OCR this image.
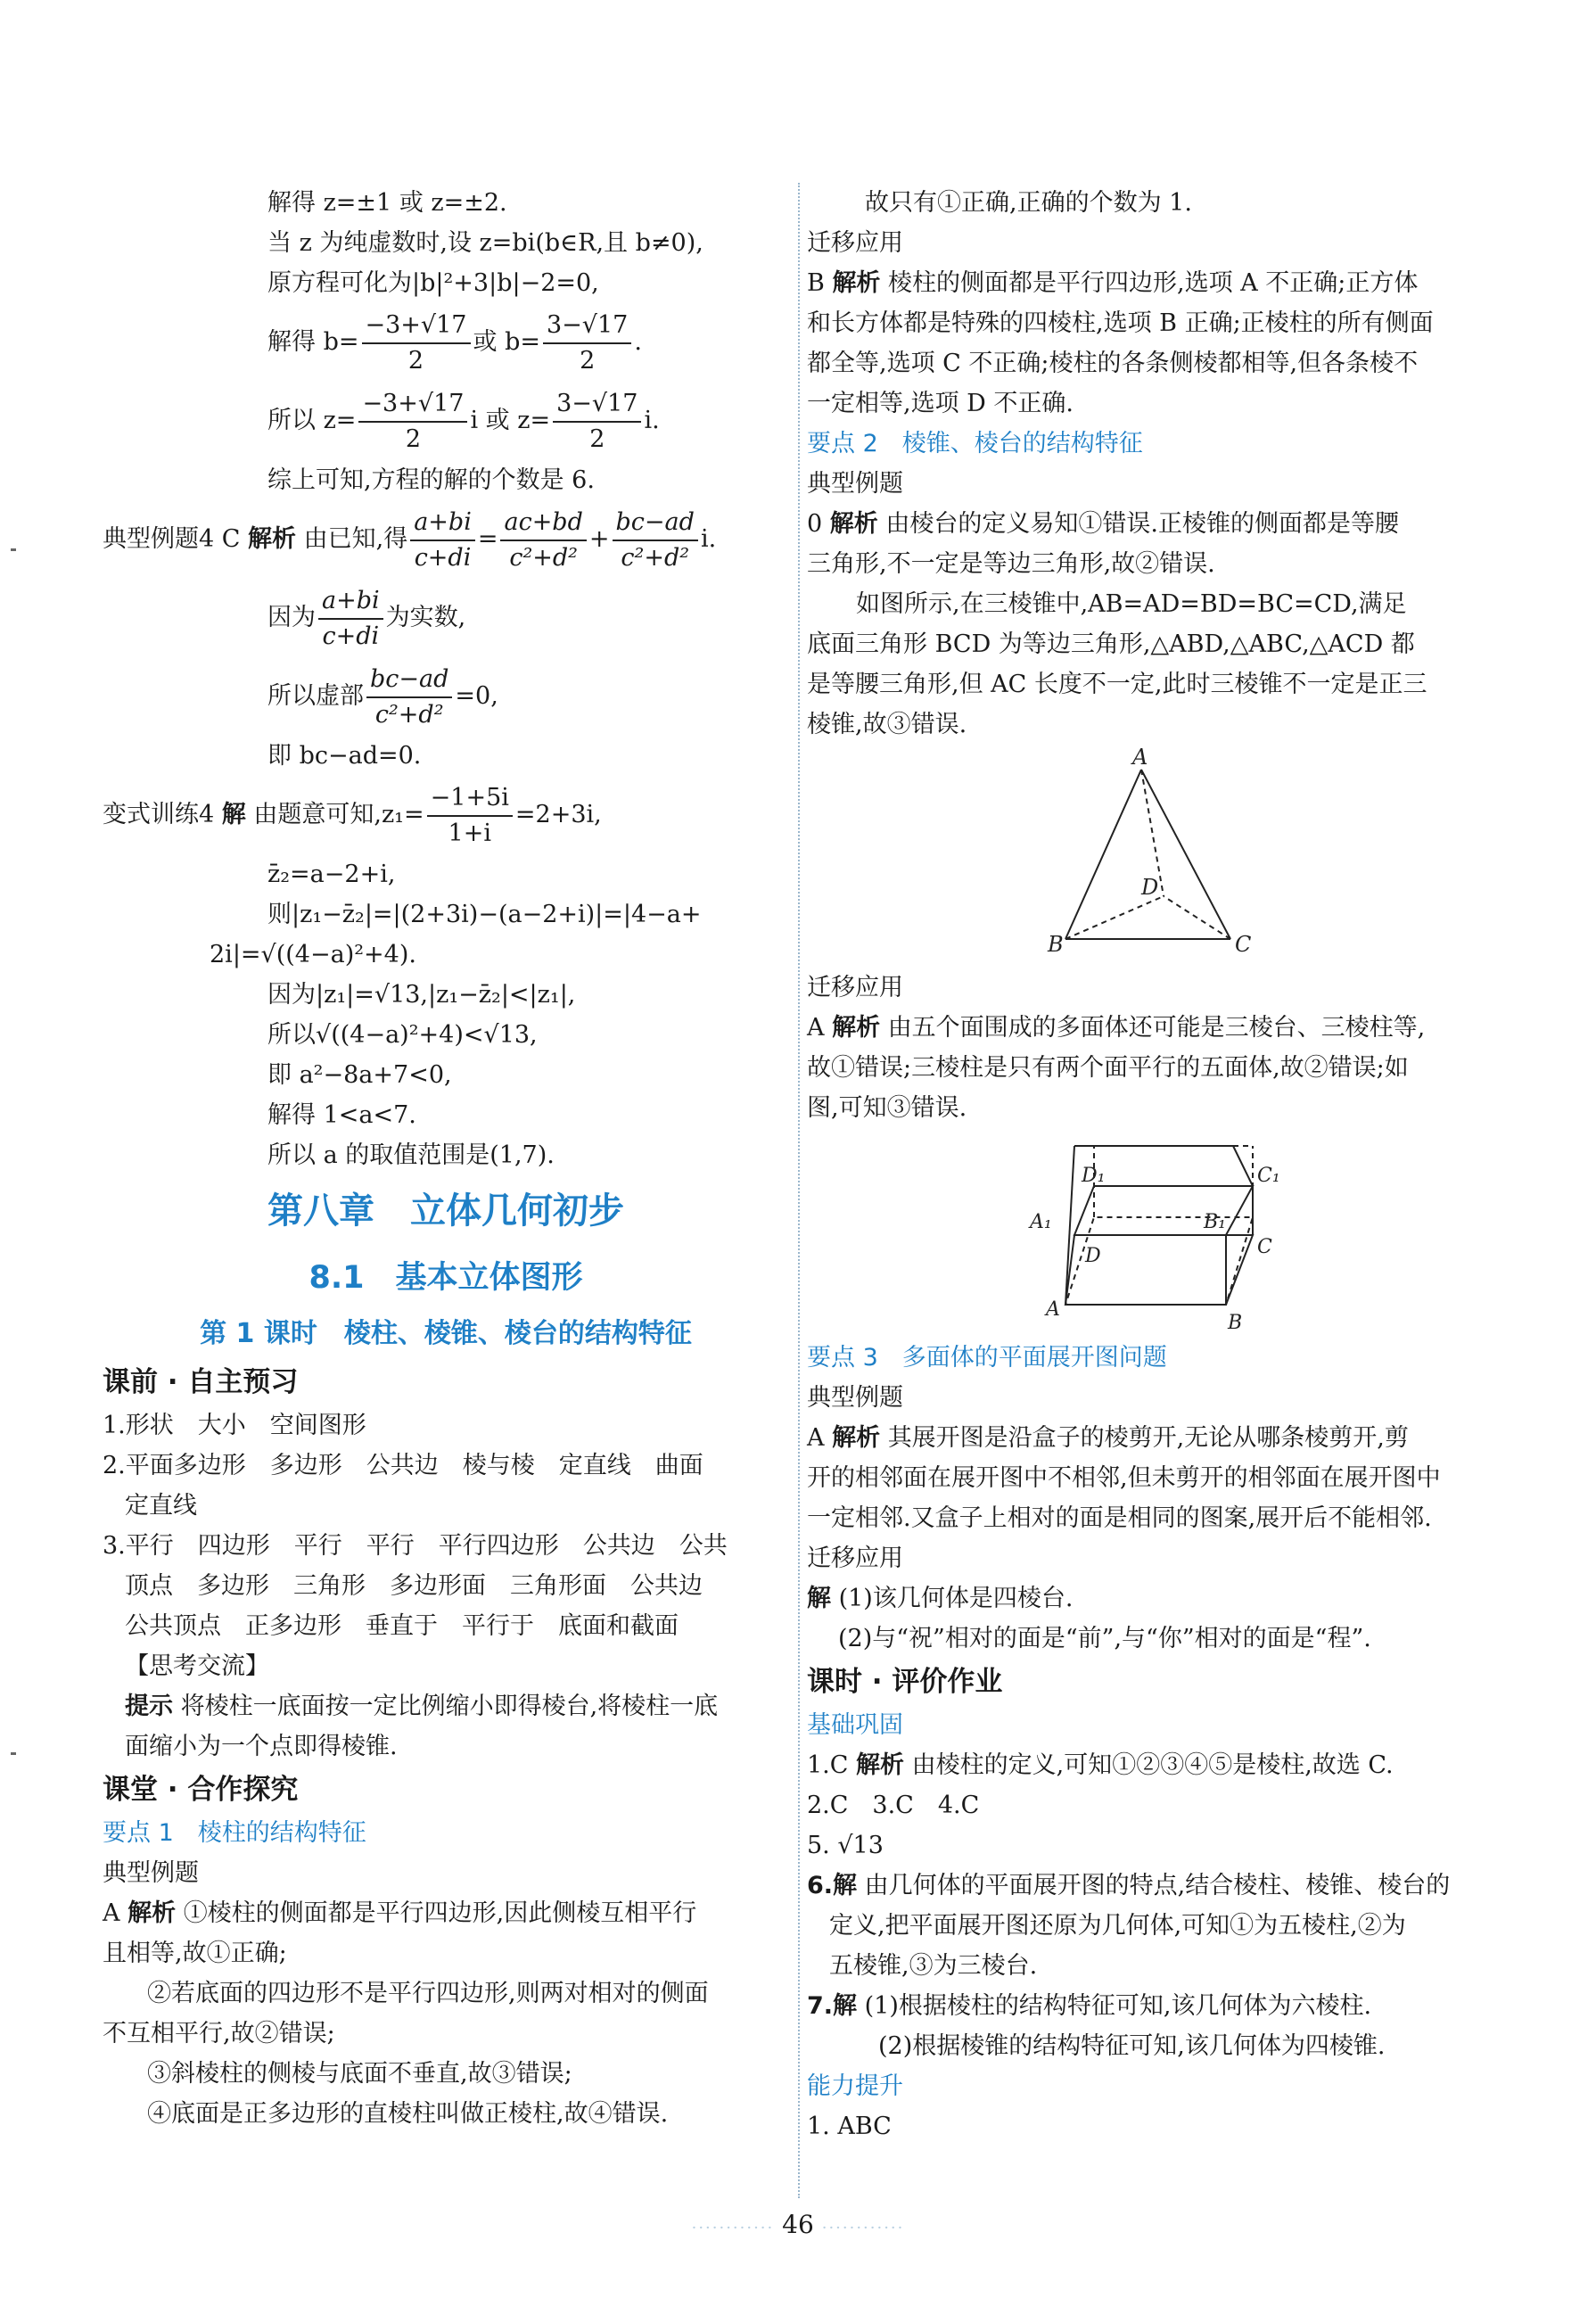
解得 z=±1 或 z=±2.
当 z 为纯虚数时,设 z=bi(b∈R,且 b≠0),
原方程可化为|b|²+3|b|−2=0,
解得 $b= \frac{-3+√17}{2}$ 或 $b= \frac{3-√17}{2}$ .
所以 $z= \frac{-3+√17}{2}$ i 或 $z= \frac{3-√17}{2} i$.
综上可知,方程的解的个数是 6.
典型例题4 C 解析 由已知,得 $\frac{a+bi}{c+di} = \frac{ac+bd}{\text{c²+d²}} + \frac{bc-ad}{\text{c²+d²}} i$.
因为 $\frac{a+bi}{c+di}$ 为实数,
所以虚部 $\frac{bc-ad}{\text{c²+d²}} =0$,
即 bc−ad=0.
变式训练4 解 由题意可知$,z_1= \frac{-1+5i}{1+i} =2+3i$,
z̄₂=a−2+i,
则|z₁−z̄₂|=|(2+3i)−(a−2+i)|=|4−a+
2i|=√((4−a)²+4).
因为|z₁|=√13,|z₁−z̄₂|<|z₁|,
所以√((4−a)²+4)<√13,
即 a²−8a+7<0,
解得 1<a<7.
所以 a 的取值范围是(1,7).
第八章　立体几何初步
8.1　基本立体图形
第 1 课时　棱柱、棱锥、棱台的结构特征
课前 · 自主预习
1.形状　大小　空间图形
2.平面多边形　多边形　公共边　棱与棱　定直线　曲面
定直线
3.平行　四边形　平行　平行　平行四边形　公共边　公共
顶点　多边形　三角形　多边形面　三角形面　公共边
公共顶点　正多边形　垂直于　平行于　底面和截面
【思考交流】
提示 将棱柱一底面按一定比例缩小即得棱台,将棱柱一底
面缩小为一个点即得棱锥.
课堂 · 合作探究
要点 1　棱柱的结构特征
典型例题
A 解析 ①棱柱的侧面都是平行四边形,因此侧棱互相平行
且相等,故①正确;
②若底面的四边形不是平行四边形,则两对相对的侧面
不互相平行,故②错误;
③斜棱柱的侧棱与底面不垂直,故③错误;
④底面是正多边形的直棱柱叫做正棱柱,故④错误.
故只有①正确,正确的个数为 1.
迁移应用
B 解析 棱柱的侧面都是平行四边形,选项 A 不正确;正方体
和长方体都是特殊的四棱柱,选项 B 正确;正棱柱的所有侧面
都全等,选项 C 不正确;棱柱的各条侧棱都相等,但各条棱不
一定相等,选项 D 不正确.
要点 2　棱锥、棱台的结构特征
典型例题
0 解析 由棱台的定义易知①错误.正棱锥的侧面都是等腰
三角形,不一定是等边三角形,故②错误.
如图所示,在三棱锥中,AB=AD=BD=BC=CD,满足
底面三角形 BCD 为等边三角形,△ABD,△ABC,△ACD 都
是等腰三角形,但 AC 长度不一定,此时三棱锥不一定是正三
棱锥,故③错误.
A
B	C
D
迁移应用
A 解析 由五个面围成的多面体还可能是三棱台、三棱柱等,
故①错误;三棱柱是只有两个面平行的五面体,故②错误;如
图,可知③错误.
D₁	C₁
A₁	B₁
D	C
A
B
要点 3　多面体的平面展开图问题
典型例题
A 解析 其展开图是沿盒子的棱剪开,无论从哪条棱剪开,剪
开的相邻面在展开图中不相邻,但未剪开的相邻面在展开图中
一定相邻.又盒子上相对的面是相同的图案,展开后不能相邻.
迁移应用
解 (1)该几何体是四棱台.
(2)与“祝”相对的面是“前”,与“你”相对的面是“程”.
课时 · 评价作业
基础巩固
1.C 解析 由棱柱的定义,可知①②③④⑤是棱柱,故选 C.
2.C　3.C　4.C
5. √13
6.解 由几何体的平面展开图的特点,结合棱柱、棱锥、棱台的
定义,把平面展开图还原为几何体,可知①为五棱柱,②为
五棱锥,③为三棱台.
7.解 (1)根据棱柱的结构特征可知,该几何体为六棱柱.
(2)根据棱锥的结构特征可知,该几何体为四棱锥.
能力提升
1. ABC
············ 46 ············
